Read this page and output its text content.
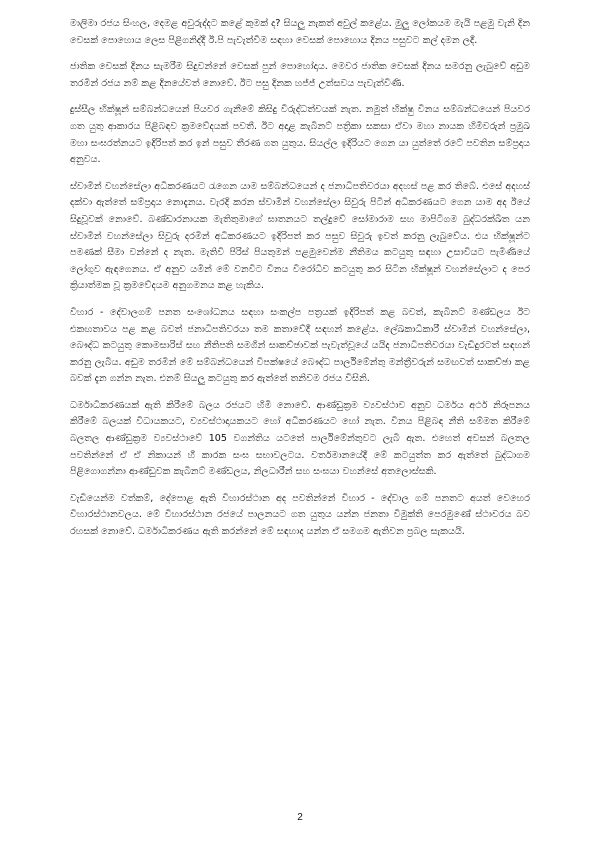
මාලිමා රජය සිංහල, දෙමළ අවුරුද්දට කළේ කුමක් ද? සියලු නැකත් අවුල් කළේය. මුලු ලෝකයම මැයි පළමු වැනි දින වෙසක් පොහොය ලෙස පිළිගනිද්දී ඊ.පි පැවැත්වීම සඳහා වෙසක් පොහොය දිනය පසුවට කල් දමන ලදී.

ජාතික වෙසක් දිනය සැමරීම සිදුවන්නේ වෙසක් පුන් පොහෝදාය. මෙවර ජාතික වෙසක් දිනය සමරනු ලැබුවේ අඩුම තරමින් රජය නම් කළ දිනයේවත් නොවේ. ඊට පසු දිනක හජ්ජ් උත්සවය පැවැත්විණි.

දුස්සීල භික්ෂූන් සම්බන්ධයෙන් පියවර ගැනීමේ කිසිදු විරුද්ධත්වයක් නැත. නමුත් භික්ෂු විනය සම්බන්ධයෙන් පියවර ගත යුතු ආකාරය පිළිබඳව ක්‍රමවේදයක් පවතී. ඊට අදාළ කැබිනට් පත්‍රිකා සකසා ඒවා මහා නායක හිමිවරුන් ප්‍රමුඛ මහා සංඝරත්නයට ඉදිරිපත් කර ඉන් පසුව තීරණ ගත යුතුය. සියල්ල ඉදිරියට ගෙන යා යුත්තේ රටේ පවතින සම්ප්‍රදාය අනුවය.

ස්වාමීන් වහන්සේලා අධිකරණයට රැගෙන යාම සම්බන්ධයෙන් ද ජනාධිපතිවරයා අදහස් පළ කර තිබේ. එසේ අදහස් දක්වා ඇත්තේ සම්ප්‍රදාය නොදැනය. වැරදි කරන ස්වාමීන් වහන්සේලා සිවුරු පිටින් අධිකරණයට ගෙන යාම අද ඊයේ සිදුවූවක් නොවේ. බණ්ඩාරනායක මැතිතුමාගේ ඝාතනයට තල්දුවේ සෝමාරාම සහ මාපිටිගම බුද්ධරක්ඛිත යන ස්වාමීන් වහන්සේලා සිවුරු දරමින් අධිකරණයට ඉදිරිපත් කර පසුව සිවුරු ඉවත් කරනු ලැබුවේය. එය භික්ෂූන්ට පමණක් සීමා වන්නේ ද නැත. මැතිවි පිරිස් පියතුමන් පළමුවෙන්ම නීතිමය කටයුතු සඳහා උසාවියට පැමිණියේ ලෝගුව ඇඳගෙනය. ඒ අනුව යමින් මේ වනවිට විනය විරෝධීව කටයුතු කර සිටින භික්ෂූන් වහන්සේලාට ද පෙර ක්‍රියාත්මක වූ ක්‍රමවේදයම අනුගමනය කළ හැකිය.

විහාර - දේවාලගම් පනත සංශෝධනය සඳහා සංකල්ප පත්‍රයක් ඉදිරිපත් කළ බවත්, කැබිනට් මණ්ඩලය ඊට එකඟතාවය පළ කළ බවත් ජනාධිපතිවරයා තම කතාවේදී සඳහන් කළේය. ලේඛකාධිකාරී ස්වාමීන් වහන්සේලා, බෞද්ධ කටයුතු කොමසාරිස් සහ නීතිපති සමගින් සාකච්ඡාවක් පැවැත්වූයේ යයිද ජනාධිපතිවරයා වැඩිදුරටත් සඳහන් කරනු ලැබීය. අඩුම තරමින් මේ සම්බන්ධයෙන් විපක්ෂයේ බෞද්ධ පාර්ලිමේන්තු මන්ත්‍රීවරුන් සමඟවත් සාකච්ඡා කළ බවක් දැන ගන්න නැත. එනම් සියලු කටයුතු කර ඇත්තේ තනිවම රජය විසිනි.

ධර්මාධිකරණයක් ඇති කිරීමේ බලය රජයට හිමි නොවේ. ආණ්ඩුක්‍රම ව්‍යවස්ථාව අනුව ධර්මය අර්ථ නිරූපනය කිරීමේ බලයක් විධායකයට, ව්‍යවස්ථාදායකයට හෝ අධිකරණයට හෝ නැත. විනය පිළිබඳ නීති සම්මත කිරීමේ බලතල ආණ්ඩුක්‍රම ව්‍යවස්ථාවේ 105 වගන්තිය යටතේ පාර්ලිමේන්තුවට ලැබී ඇත. එහෙත් අවසන් බලතල පවතින්නේ ඒ ඒ නිකායන් හී කාරක සංඝ සභාවලටය. වර්තමානයේදී මේ කටයුත්ත කර ඇත්තේ බුද්ධාගම පිළිගොගන්නා ආණ්ඩුවක කැබිනට් මණ්ඩලය, නිලධාරීන් සහ සංඝයා වහන්සේ අතලොස්සකි.

වැඩියෙන්ම වත්කම්, දේපොළ ඇති විහාරස්ථාන අද පවතින්නේ විහාර - දේවාල ගම් පනතට අයත් වෙහෙර විහාරස්ථානවලය. මේ විහාරස්ථාන රජයේ පාලනයට ගත යුතුය යන්න ජනතා විමුක්ති පෙරමුණේ ස්ථාවරය බව රහසක් නොවේ. ධර්මාධිකරණය ඇති කරන්නේ මේ සඳහාද යන්න ඒ සමගම ඇතිවන ප්‍රබල සැකයයි.

2
